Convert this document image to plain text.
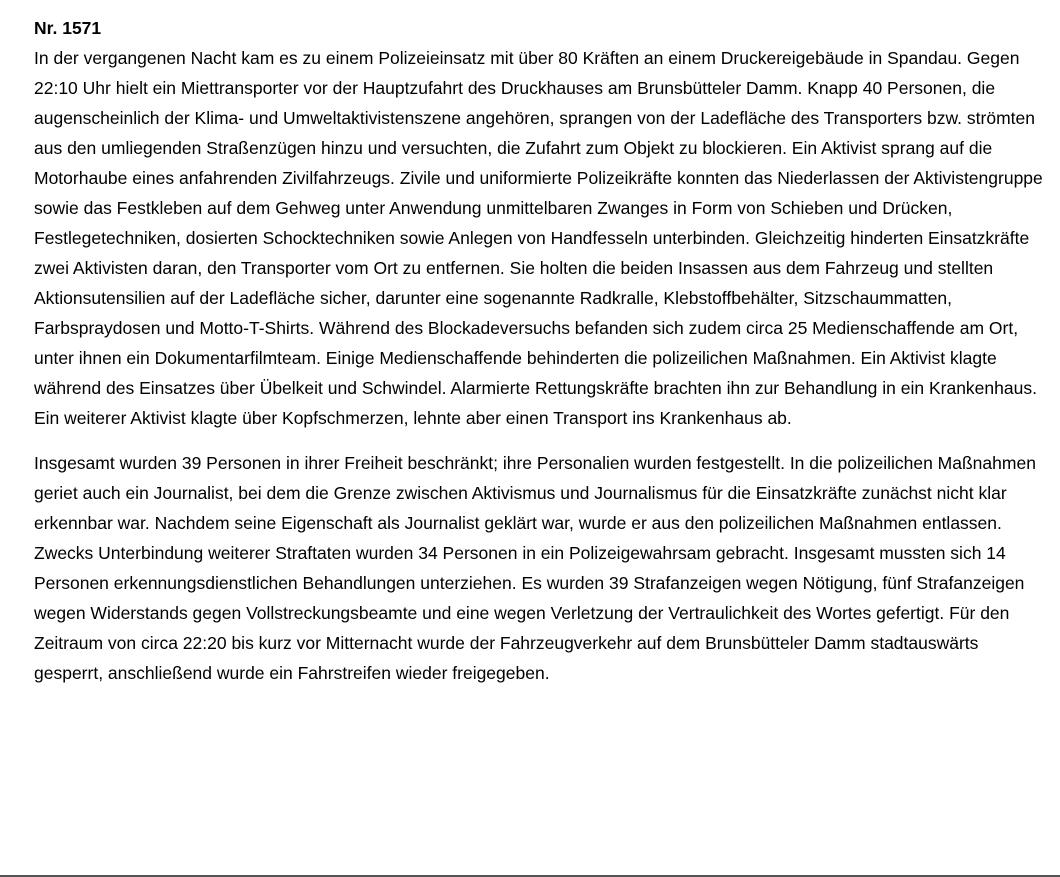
Nr. 1571

In der vergangenen Nacht kam es zu einem Polizeieinsatz mit über 80 Kräften an einem Druckereigebäude in Spandau. Gegen 22:10 Uhr hielt ein Miettransporter vor der Hauptzufahrt des Druckhauses am Brunsbütteler Damm. Knapp 40 Personen, die augenscheinlich der Klima- und Umweltaktivistenszene angehören, sprangen von der Ladefläche des Transporters bzw. strömten aus den umliegenden Straßenzügen hinzu und versuchten, die Zufahrt zum Objekt zu blockieren. Ein Aktivist sprang auf die Motorhaube eines anfahrenden Zivilfahrzeugs. Zivile und uniformierte Polizeikräfte konnten das Niederlassen der Aktivistengruppe sowie das Festkleben auf dem Gehweg unter Anwendung unmittelbaren Zwanges in Form von Schieben und Drücken, Festlegetechniken, dosierten Schocktechniken sowie Anlegen von Handfesseln unterbinden. Gleichzeitig hinderten Einsatzkräfte zwei Aktivisten daran, den Transporter vom Ort zu entfernen. Sie holten die beiden Insassen aus dem Fahrzeug und stellten Aktionsutensilien auf der Ladefläche sicher, darunter eine sogenannte Radkralle, Klebstoffbehälter, Sitzschaummatten, Farbspraydosen und Motto-T-Shirts. Während des Blockadeversuchs befanden sich zudem circa 25 Medienschaffende am Ort, unter ihnen ein Dokumentarfilmteam. Einige Medienschaffende behinderten die polizeilichen Maßnahmen. Ein Aktivist klagte während des Einsatzes über Übelkeit und Schwindel. Alarmierte Rettungskräfte brachten ihn zur Behandlung in ein Krankenhaus. Ein weiterer Aktivist klagte über Kopfschmerzen, lehnte aber einen Transport ins Krankenhaus ab.

Insgesamt wurden 39 Personen in ihrer Freiheit beschränkt; ihre Personalien wurden festgestellt. In die polizeilichen Maßnahmen geriet auch ein Journalist, bei dem die Grenze zwischen Aktivismus und Journalismus für die Einsatzkräfte zunächst nicht klar erkennbar war. Nachdem seine Eigenschaft als Journalist geklärt war, wurde er aus den polizeilichen Maßnahmen entlassen. Zwecks Unterbindung weiterer Straftaten wurden 34 Personen in ein Polizeigewahrsam gebracht. Insgesamt mussten sich 14 Personen erkennungsdienstlichen Behandlungen unterziehen. Es wurden 39 Strafanzeigen wegen Nötigung, fünf Strafanzeigen wegen Widerstands gegen Vollstreckungsbeamte und eine wegen Verletzung der Vertraulichkeit des Wortes gefertigt. Für den Zeitraum von circa 22:20 bis kurz vor Mitternacht wurde der Fahrzeugverkehr auf dem Brunsbütteler Damm stadtauswärts gesperrt, anschließend wurde ein Fahrstreifen wieder freigegeben.
